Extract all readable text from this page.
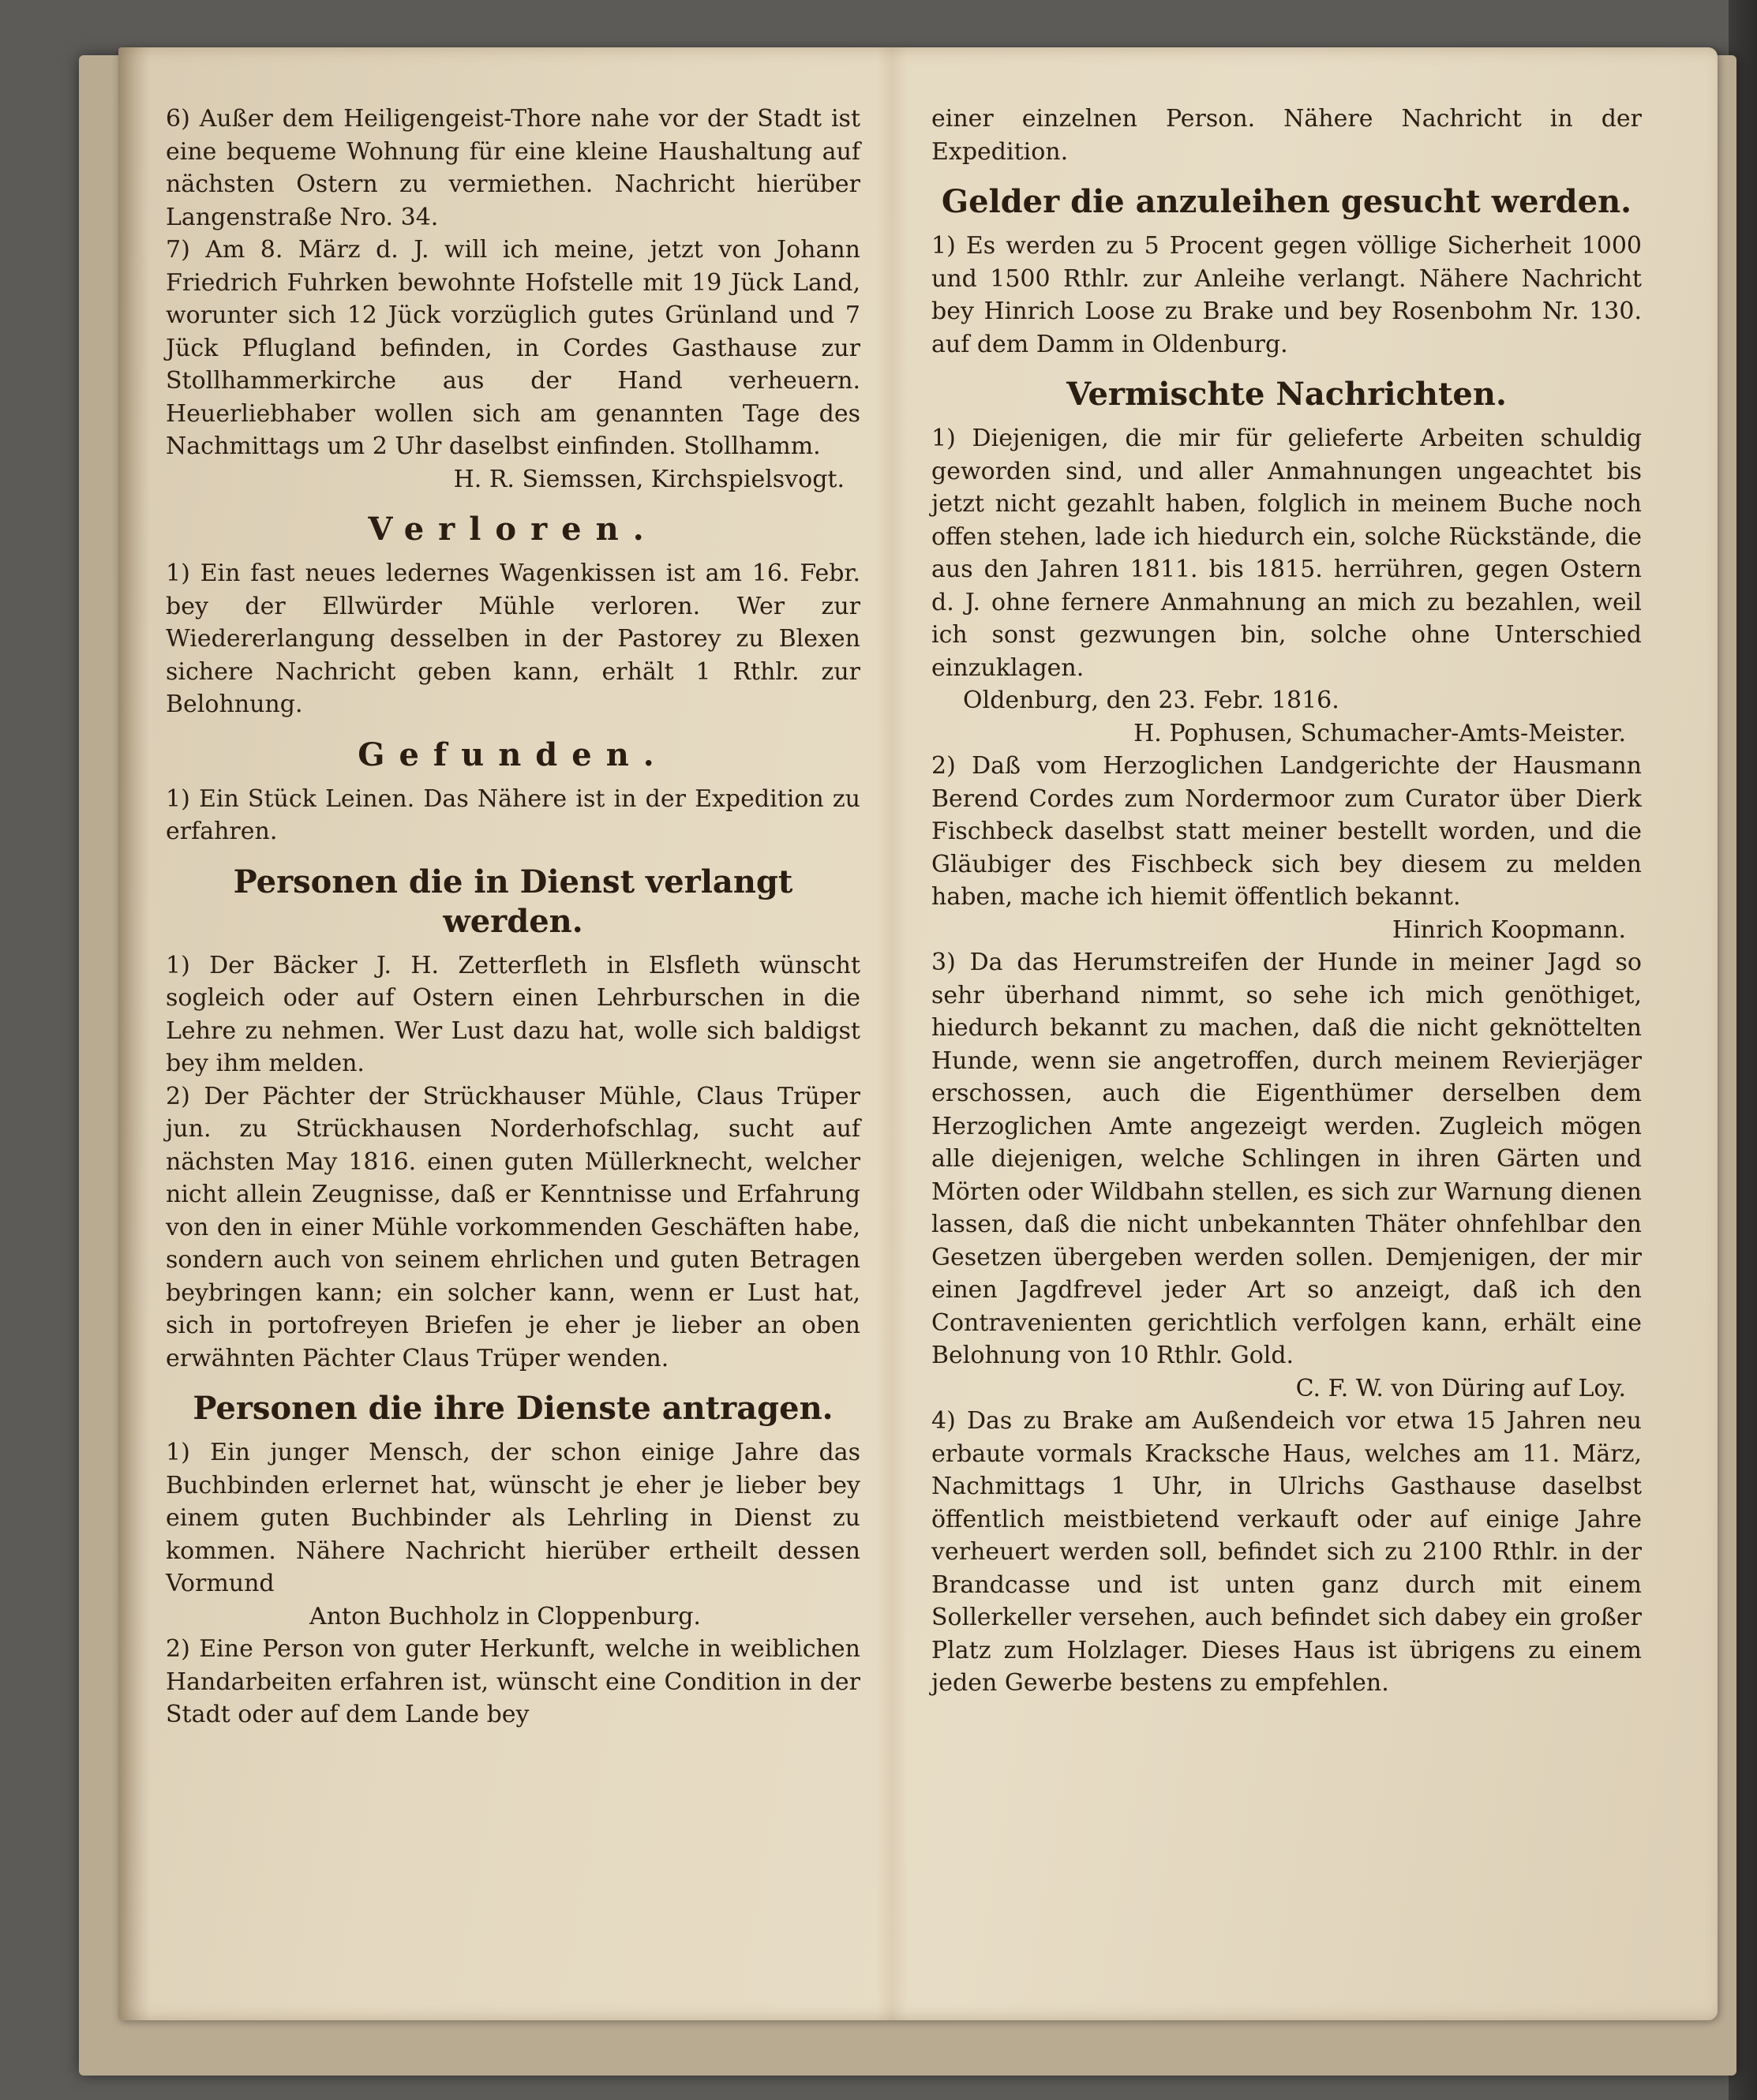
6) Außer dem Heiligengeist-Thore nahe vor der Stadt ist eine bequeme Wohnung für eine kleine Haushaltung auf nächsten Ostern zu vermiethen. Nachricht hierüber Langenstraße Nro. 34.

7) Am 8. März d. J. will ich meine, jetzt von Johann Friedrich Fuhrken bewohnte Hofstelle mit 19 Jück Land, worunter sich 12 Jück vorzüglich gutes Grünland und 7 Jück Pflugland befinden, in Cordes Gasthause zur Stollhammerkirche aus der Hand verheuern. Heuerliebhaber wollen sich am genannten Tage des Nachmittags um 2 Uhr daselbst einfinden. Stollhamm.

H. R. Siemssen, Kirchspielsvogt.

Verloren.

1) Ein fast neues ledernes Wagenkissen ist am 16. Febr. bey der Ellwürder Mühle verloren. Wer zur Wiedererlangung desselben in der Pastorey zu Blexen sichere Nachricht geben kann, erhält 1 Rthlr. zur Belohnung.

Gefunden.

1) Ein Stück Leinen. Das Nähere ist in der Expedition zu erfahren.

Personen die in Dienst verlangt werden.

1) Der Bäcker J. H. Zetterfleth in Elsfleth wünscht sogleich oder auf Ostern einen Lehrburschen in die Lehre zu nehmen. Wer Lust dazu hat, wolle sich baldigst bey ihm melden.

2) Der Pächter der Strückhauser Mühle, Claus Trüper jun. zu Strückhausen Norderhofschlag, sucht auf nächsten May 1816. einen guten Müllerknecht, welcher nicht allein Zeugnisse, daß er Kenntnisse und Erfahrung von den in einer Mühle vorkommenden Geschäften habe, sondern auch von seinem ehrlichen und guten Betragen beybringen kann; ein solcher kann, wenn er Lust hat, sich in portofreyen Briefen je eher je lieber an oben erwähnten Pächter Claus Trüper wenden.

Personen die ihre Dienste antragen.

1) Ein junger Mensch, der schon einige Jahre das Buchbinden erlernet hat, wünscht je eher je lieber bey einem guten Buchbinder als Lehrling in Dienst zu kommen. Nähere Nachricht hierüber ertheilt dessen Vormund

Anton Buchholz in Cloppenburg.

2) Eine Person von guter Herkunft, welche in weiblichen Handarbeiten erfahren ist, wünscht eine Condition in der Stadt oder auf dem Lande bey

einer einzelnen Person. Nähere Nachricht in der Expedition.

Gelder die anzuleihen gesucht werden.

1) Es werden zu 5 Procent gegen völlige Sicherheit 1000 und 1500 Rthlr. zur Anleihe verlangt. Nähere Nachricht bey Hinrich Loose zu Brake und bey Rosenbohm Nr. 130. auf dem Damm in Oldenburg.

Vermischte Nachrichten.

1) Diejenigen, die mir für gelieferte Arbeiten schuldig geworden sind, und aller Anmahnungen ungeachtet bis jetzt nicht gezahlt haben, folglich in meinem Buche noch offen stehen, lade ich hiedurch ein, solche Rückstände, die aus den Jahren 1811. bis 1815. herrühren, gegen Ostern d. J. ohne fernere Anmahnung an mich zu bezahlen, weil ich sonst gezwungen bin, solche ohne Unterschied einzuklagen.

Oldenburg, den 23. Febr. 1816.

H. Pophusen, Schumacher-Amts-Meister.

2) Daß vom Herzoglichen Landgerichte der Hausmann Berend Cordes zum Nordermoor zum Curator über Dierk Fischbeck daselbst statt meiner bestellt worden, und die Gläubiger des Fischbeck sich bey diesem zu melden haben, mache ich hiemit öffentlich bekannt.

Hinrich Koopmann.

3) Da das Herumstreifen der Hunde in meiner Jagd so sehr überhand nimmt, so sehe ich mich genöthiget, hiedurch bekannt zu machen, daß die nicht geknöttelten Hunde, wenn sie angetroffen, durch meinem Revierjäger erschossen, auch die Eigenthümer derselben dem Herzoglichen Amte angezeigt werden. Zugleich mögen alle diejenigen, welche Schlingen in ihren Gärten und Mörten oder Wildbahn stellen, es sich zur Warnung dienen lassen, daß die nicht unbekannten Thäter ohnfehlbar den Gesetzen übergeben werden sollen. Demjenigen, der mir einen Jagdfrevel jeder Art so anzeigt, daß ich den Contravenienten gerichtlich verfolgen kann, erhält eine Belohnung von 10 Rthlr. Gold.

C. F. W. von Düring auf Loy.

4) Das zu Brake am Außendeich vor etwa 15 Jahren neu erbaute vormals Kracksche Haus, welches am 11. März, Nachmittags 1 Uhr, in Ulrichs Gasthause daselbst öffentlich meistbietend verkauft oder auf einige Jahre verheuert werden soll, befindet sich zu 2100 Rthlr. in der Brandcasse und ist unten ganz durch mit einem Sollerkeller versehen, auch befindet sich dabey ein großer Platz zum Holzlager. Dieses Haus ist übrigens zu einem jeden Gewerbe bestens zu empfehlen.
